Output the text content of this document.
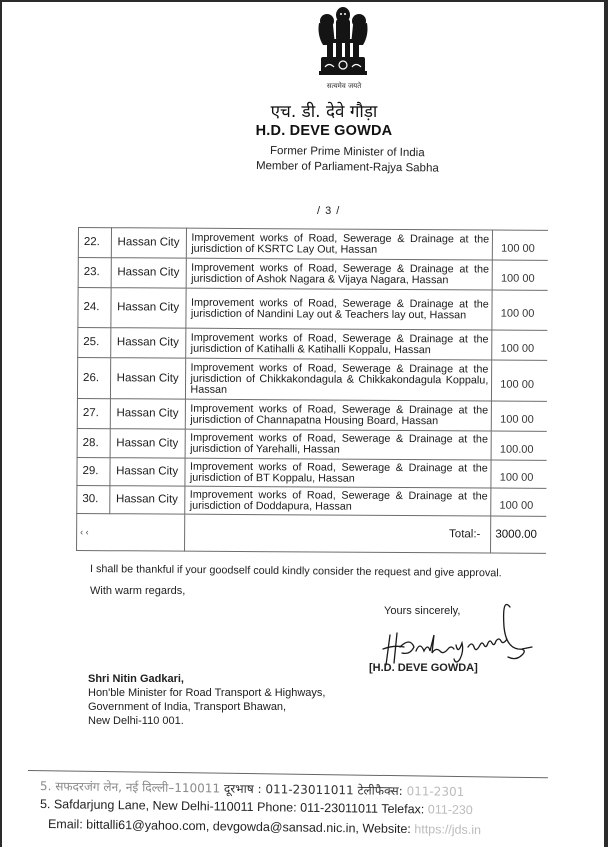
सत्यमेव जयते
एच. डी. देवे गौड़ा
H.D. DEVE GOWDA
Former Prime Minister of India
Member of Parliament-Rajya Sabha
/ 3 /
22.	Hassan City	Improvement works of Road, Sewerage & Drainage at the jurisdiction of KSRTC Lay Out, Hassan	100 00
23.	Hassan City	Improvement works of Road, Sewerage & Drainage at the jurisdiction of Ashok Nagara & Vijaya Nagara, Hassan	100 00
24.	Hassan City	Improvement works of Road, Sewerage & Drainage at the jurisdiction of Nandini Lay out & Teachers lay out, Hassan	100 00
25.	Hassan City	Improvement works of Road, Sewerage & Drainage at the jurisdiction of Katihalli & Katihalli Koppalu, Hassan	100 00
26.	Hassan City	Improvement works of Road, Sewerage & Drainage at the jurisdiction of Chikkakondagula & Chikkakondagula Koppalu, Hassan	100 00
27.	Hassan City	Improvement works of Road, Sewerage & Drainage at the jurisdiction of Channapatna Housing Board, Hassan	100 00
28.	Hassan City	Improvement works of Road, Sewerage & Drainage at the jurisdiction of Yarehalli, Hassan	100.00
29.	Hassan City	Improvement works of Road, Sewerage & Drainage at the jurisdiction of BT Koppalu, Hassan	100 00
30.	Hassan City	Improvement works of Road, Sewerage & Drainage at the jurisdiction of Doddapura, Hassan	100 00
‹ ‹		Total:-	3000.00
I shall be thankful if your goodself could kindly consider the request and give approval.
With warm regards,
Yours sincerely,
[H.D. DEVE GOWDA]
Shri Nitin Gadkari,
Hon'ble Minister for Road Transport & Highways,
Government of India, Transport Bhawan,
New Delhi-110 001.
5. सफदरजंग लेन, नई दिल्ली–110011 दूरभाष : 011-23011011 टेलीफैक्स: 011-2301
5. Safdarjung Lane, New Delhi-110011 Phone: 011-23011011 Telefax: 011-230
Email: bittalli61@yahoo.com, devgowda@sansad.nic.in, Website: https://jds.in
